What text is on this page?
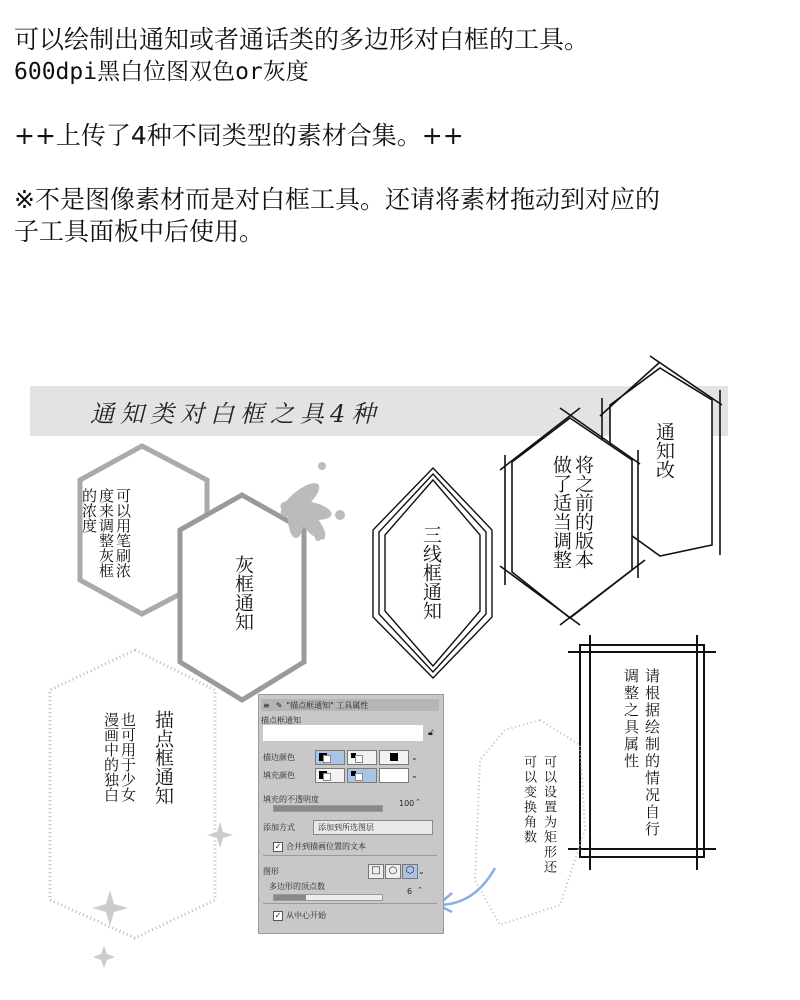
可以绘制出通知或者通话类的多边形对白框的工具。

600dpi黑白位图双色or灰度

++上传了4种不同类型的素材合集。++

※不是图像素材而是对白框工具。还请将素材拖动到对应的

子工具面板中后使用。

通知类对白框之具4种
可以用笔刷浓度来调整灰框的浓度
灰框通知	三线框通知
通知改
将之前的版本做了适当调整
描点框通知
也可用于少女漫画中的独白	请根据绘制的情况自行调整之具属性
可以设置为矩形还可以变换角数
≡ ✎ "描点框通知" 工具属性
描点框通知
🔓︎
描边颜色	⌄
填充颜色	⌄
填充的不透明度	100 ⌃
添加方式	添加到所选图层
✓ 合并到描画位置的文本
图形	□ ○ ⬡ ⌄
多边形的顶点数
6 ⌃
✓ 从中心开始
